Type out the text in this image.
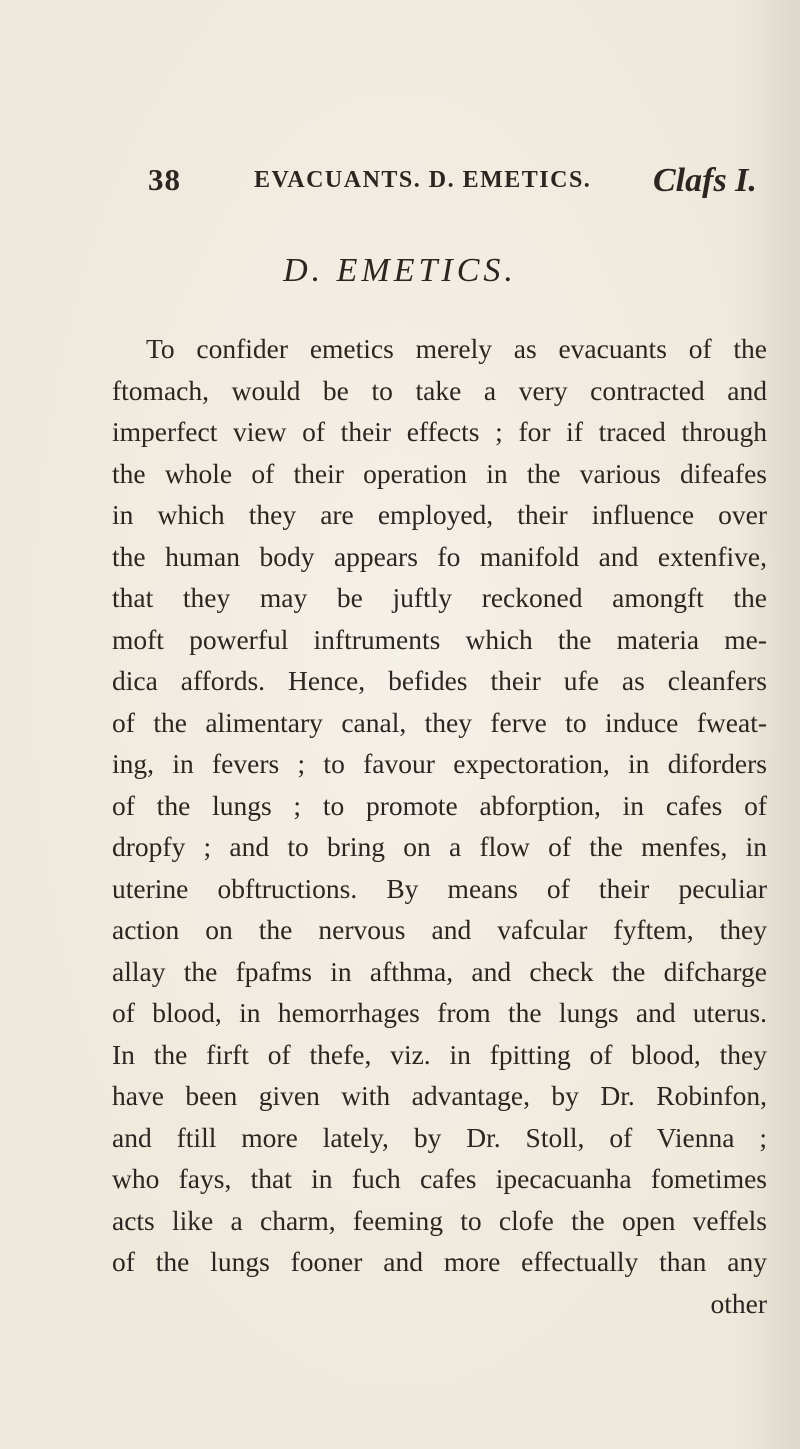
38	EVACUANTS. D. EMETICS. Clafs I.
D. EMETICS.
To confider emetics merely as evacuants of the
ftomach, would be to take a very contracted and
imperfect view of their effects ; for if traced through
the whole of their operation in the various difeafes
in which they are employed, their influence over
the human body appears fo manifold and extenfive,
that they may be juftly reckoned amongft the
moft powerful inftruments which the materia me-
dica affords. Hence, befides their ufe as cleanfers
of the alimentary canal, they ferve to induce fweat-
ing, in fevers ; to favour expectoration, in diforders
of the lungs ; to promote abforption, in cafes of
dropfy ; and to bring on a flow of the menfes, in
uterine obftructions. By means of their peculiar
action on the nervous and vafcular fyftem, they
allay the fpafms in afthma, and check the difcharge
of blood, in hemorrhages from the lungs and uterus.
In the firft of thefe, viz. in fpitting of blood, they
have been given with advantage, by Dr. Robinfon,
and ftill more lately, by Dr. Stoll, of Vienna ;
who fays, that in fuch cafes ipecacuanha fometimes
acts like a charm, feeming to clofe the open veffels
of the lungs fooner and more effectually than any
other
